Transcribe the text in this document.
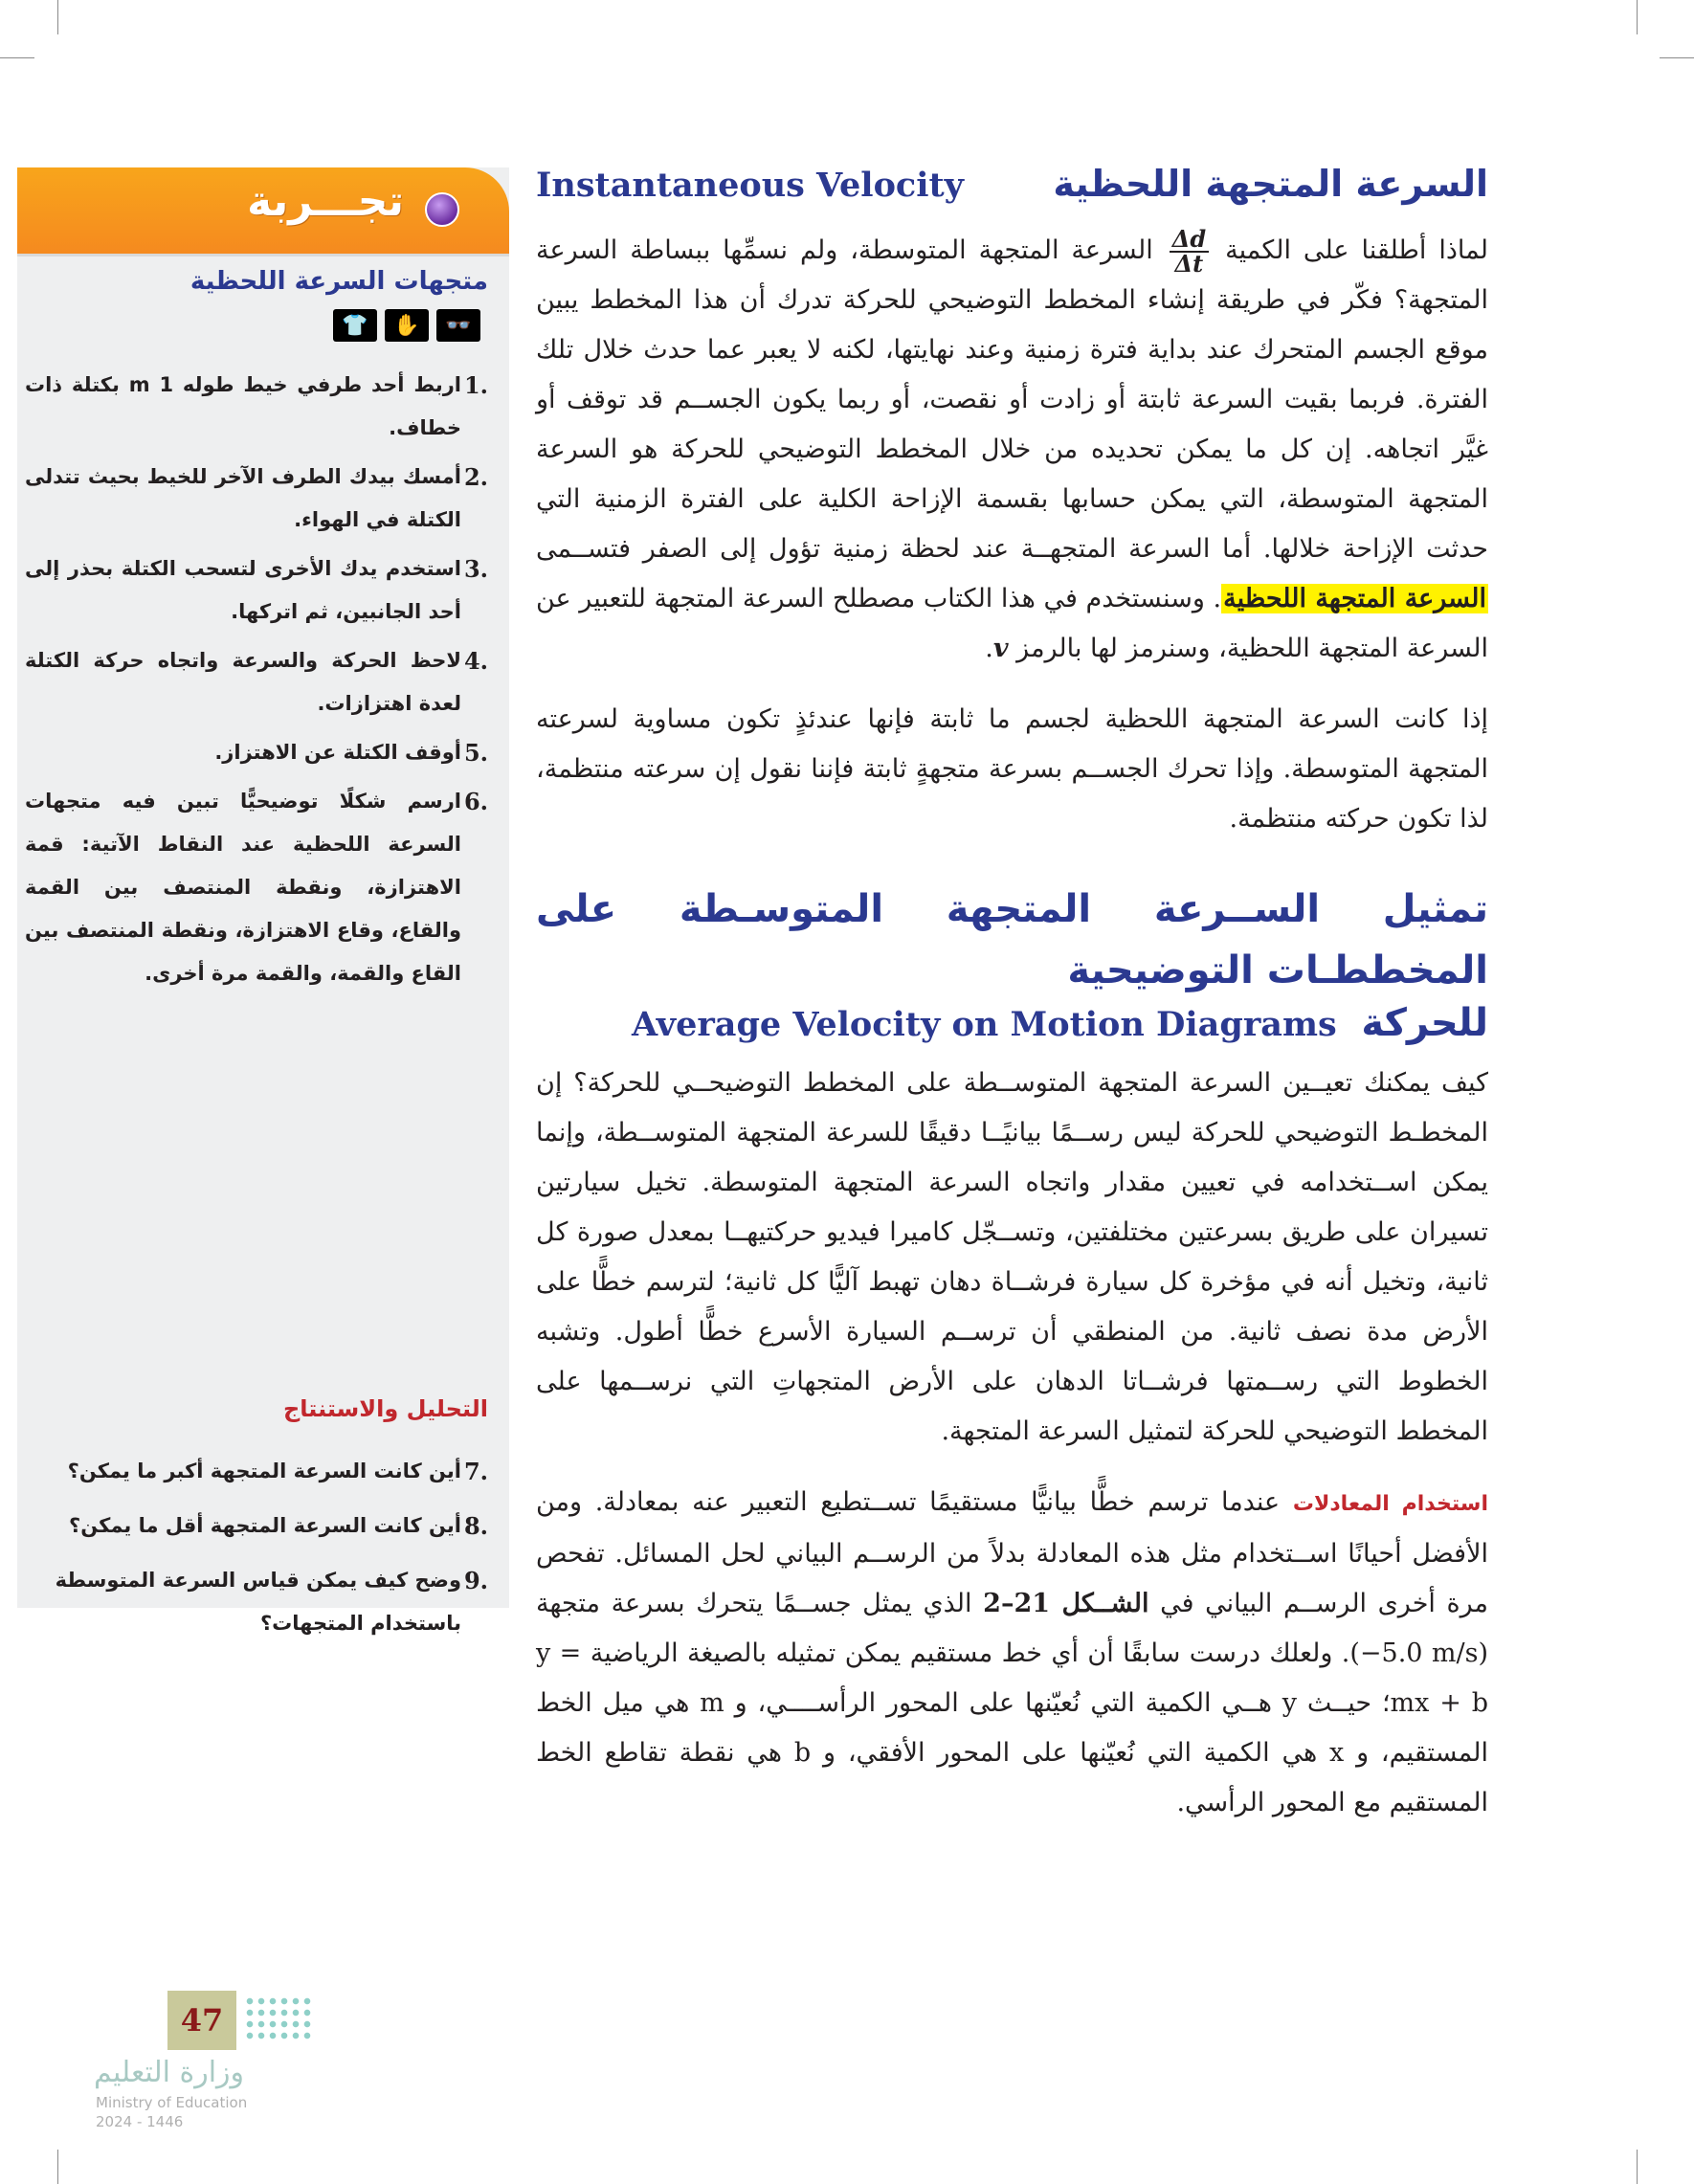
السرعة المتجهة اللحظية
Instantaneous Velocity

لماذا أطلقنا على الكمية
$\frac{\Delta d}{\Delta t}$
السرعة المتجهة المتوسطة، ولم نسمِّها ببساطة السرعة المتجهة؟ فكّر في طريقة إنشاء المخطط التوضيحي للحركة تدرك أن هذا المخطط يبين موقع الجسم المتحرك عند بداية فترة زمنية وعند نهايتها، لكنه لا يعبر عما حدث خلال تلك الفترة. فربما بقيت السرعة ثابتة أو زادت أو نقصت، أو ربما يكون الجســم قد توقف أو غيَّر اتجاهه. إن كل ما يمكن تحديده من خلال المخطط التوضيحي للحركة هو السرعة المتجهة المتوسطة، التي يمكن حسابها بقسمة الإزاحة الكلية على الفترة الزمنية التي حدثت الإزاحة خلالها. أما السرعة المتجهــة عند لحظة زمنية تؤول إلى الصفر فتســمى السرعة المتجهة اللحظية. وسنستخدم في هذا الكتاب مصطلح السرعة المتجهة للتعبير عن السرعة المتجهة اللحظية، وسنرمز لها بالرمز v.

إذا كانت السرعة المتجهة اللحظية لجسم ما ثابتة فإنها عندئذٍ تكون مساوية لسرعته المتجهة المتوسطة. وإذا تحرك الجســم بسرعة متجهةٍ ثابتة فإننا نقول إن سرعته منتظمة، لذا تكون حركته منتظمة.

تمثيل الســرعة المتجهة المتوسـطة على المخططـات التوضيحية
للحركة
Average Velocity on Motion Diagrams

كيف يمكنك تعيــين السرعة المتجهة المتوســطة على المخطط التوضيحــي للحركة؟ إن المخطـط التوضيحي للحركة ليس رســمًا بيانيًــا دقيقًا للسرعة المتجهة المتوســطة، وإنما يمكن اســتخدامه في تعيين مقدار واتجاه السرعة المتجهة المتوسطة. تخيل سيارتين تسيران على طريق بسرعتين مختلفتين، وتســجّل كاميرا فيديو حركتيهــا بمعدل صورة كل ثانية، وتخيل أنه في مؤخرة كل سيارة فرشــاة دهان تهبط آليًّا كل ثانية؛ لترسم خطًّا على الأرض مدة نصف ثانية. من المنطقي أن ترســم السيارة الأسرع خطًّا أطول. وتشبه الخطوط التي رســمتها فرشــاتا الدهان على الأرض المتجهاتِ التي نرســمها على المخطط التوضيحي للحركة لتمثيل السرعة المتجهة.

استخدام المعادلات عندما ترسم خطًّا بيانيًّا مستقيمًا تســتطيع التعبير عنه بمعادلة. ومن الأفضل أحيانًا اســتخدام مثل هذه المعادلة بدلاً من الرســم البياني لحل المسائل. تفحص مرة أخرى الرســم البياني في الشــكل 21–2 الذي يمثل جســمًا يتحرك بسرعة متجهة (−5.0 m/s). ولعلك درست سابقًا أن أي خط مستقيم يمكن تمثيله بالصيغة الرياضية y = mx + b؛ حيــث y هــي الكمية التي نُعيّنها على المحور الرأســــي، و m هي ميل الخط المستقيم، و x هي الكمية التي نُعيّنها على المحور الأفقي، و b هي نقطة تقاطع الخط المستقيم مع المحور الرأسي.

تجـــربة
متجهات السرعة اللحظية
👓
✋
👕
.1
اربط أحد طرفي خيط طوله 1 m بكتلة ذات خطاف.
.2
أمسك بيدك الطرف الآخر للخيط بحيث تتدلى الكتلة في الهواء.
.3
استخدم يدك الأخرى لتسحب الكتلة بحذر إلى أحد الجانبين، ثم اتركها.
.4
لاحظ الحركة والسرعة واتجاه حركة الكتلة لعدة اهتزازات.
.5
أوقف الكتلة عن الاهتزاز.
.6
ارسم شكلًا توضيحيًّا تبين فيه متجهات السرعة اللحظية عند النقاط الآتية: قمة الاهتزازة، ونقطة المنتصف بين القمة والقاع، وقاع الاهتزازة، ونقطة المنتصف بين القاع والقمة، والقمة مرة أخرى.
التحليل والاستنتاج
.7
أين كانت السرعة المتجهة أكبر ما يمكن؟
.8
أين كانت السرعة المتجهة أقل ما يمكن؟
.9
وضح كيف يمكن قياس السرعة المتوسطة باستخدام المتجهات؟
47
وزارة التعليم
Ministry of Education
2024 - 1446
